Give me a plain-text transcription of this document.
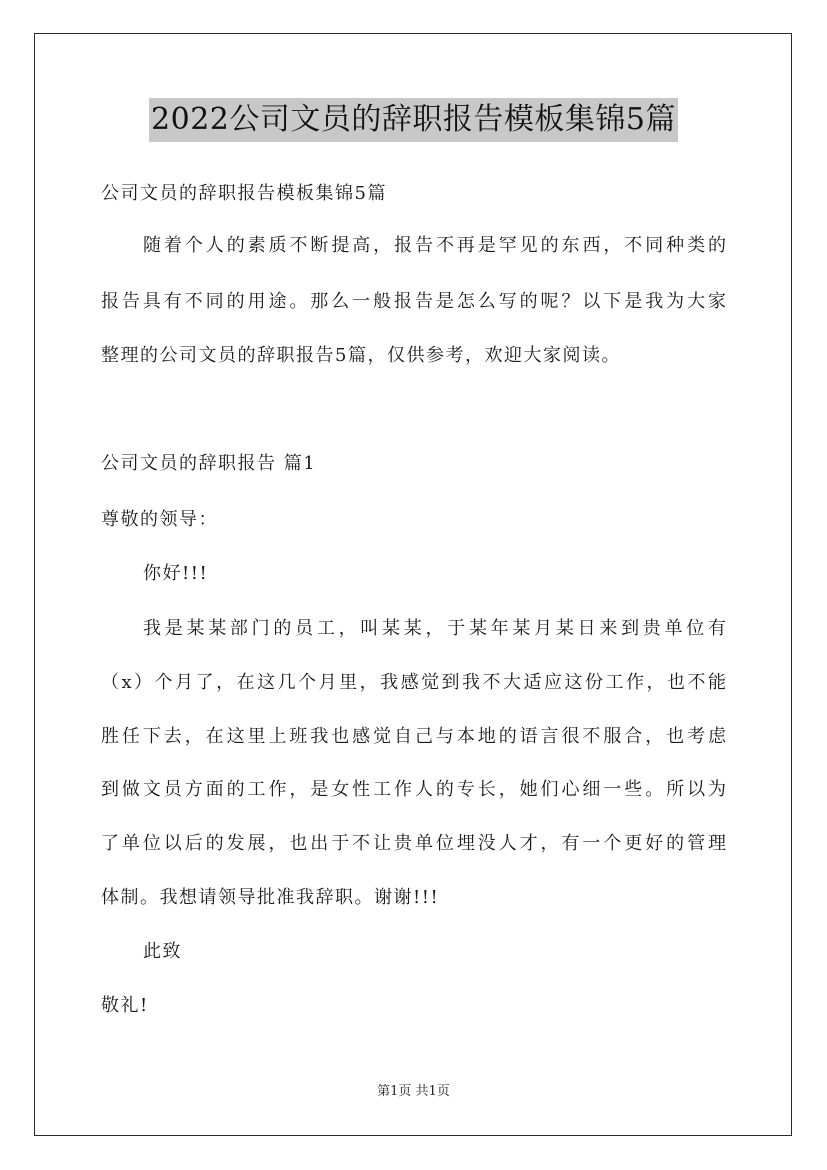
2022公司文员的辞职报告模板集锦5篇
公司文员的辞职报告模板集锦5篇
随着个人的素质不断提高，报告不再是罕见的东西，不同种类的
报告具有不同的用途。那么一般报告是怎么写的呢？以下是我为大家
整理的公司文员的辞职报告5篇，仅供参考，欢迎大家阅读。
公司文员的辞职报告 篇1
尊敬的领导：
你好!!!
我是某某部门的员工，叫某某，于某年某月某日来到贵单位有
（x）个月了，在这几个月里，我感觉到我不大适应这份工作，也不能
胜任下去，在这里上班我也感觉自己与本地的语言很不服合，也考虑
到做文员方面的工作，是女性工作人的专长，她们心细一些。所以为
了单位以后的发展，也出于不让贵单位埋没人才，有一个更好的管理
体制。我想请领导批准我辞职。谢谢!!!
此致
敬礼!
第1页 共1页
